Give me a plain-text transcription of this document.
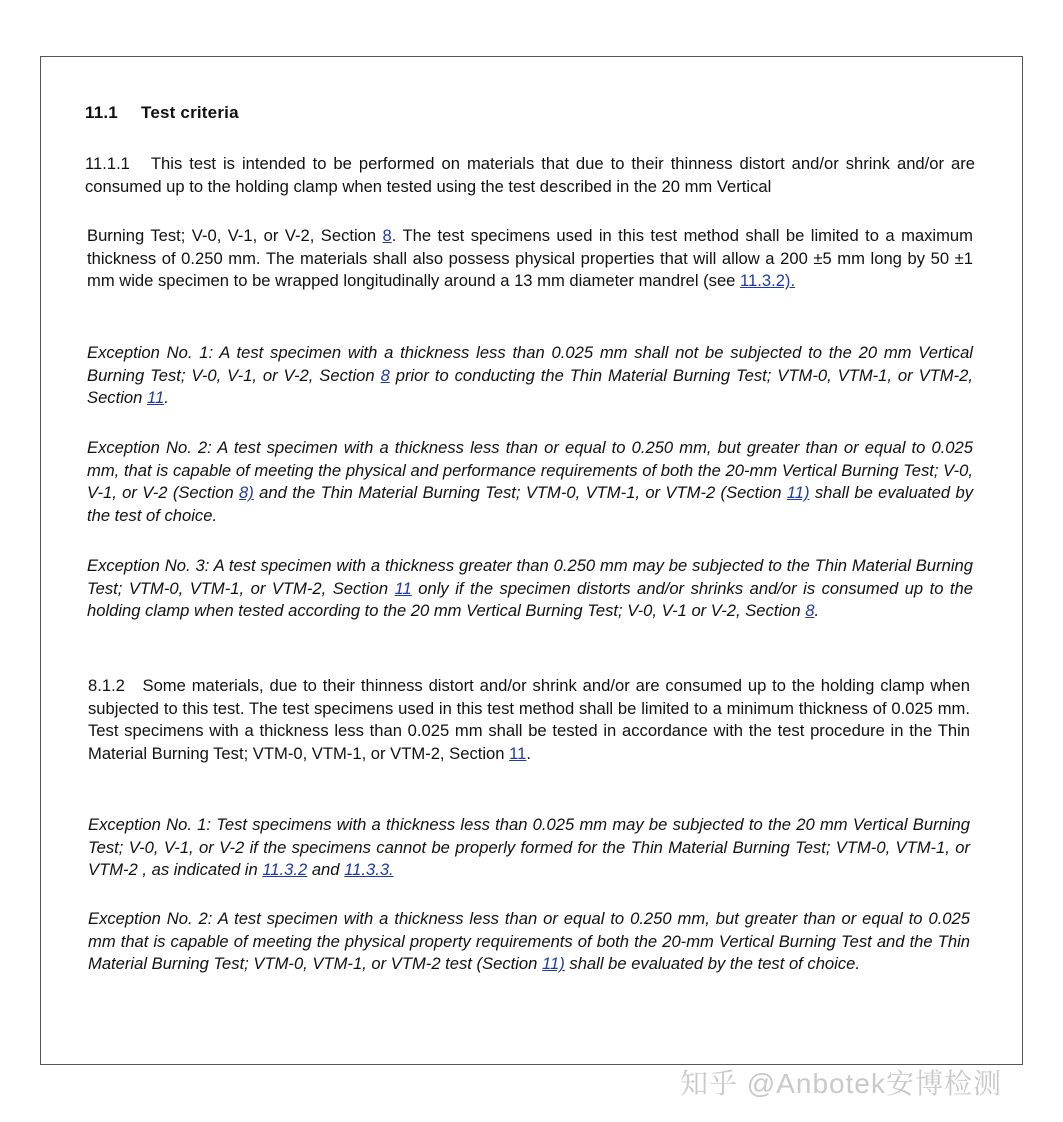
11.1 Test criteria

11.1.1 This test is intended to be performed on materials that due to their thinness distort and/or shrink and/or are consumed up to the holding clamp when tested using the test described in the 20 mm Vertical

Burning Test; V-0, V-1, or V-2, Section 8. The test specimens used in this test method shall be limited to a maximum thickness of 0.250 mm. The materials shall also possess physical properties that will allow a 200 ±5 mm long by 50 ±1 mm wide specimen to be wrapped longitudinally around a 13 mm diameter mandrel (see 11.3.2).

Exception No. 1: A test specimen with a thickness less than 0.025 mm shall not be subjected to the 20 mm Vertical Burning Test; V-0, V-1, or V-2, Section 8 prior to conducting the Thin Material Burning Test; VTM-0, VTM-1, or VTM-2, Section 11.

Exception No. 2: A test specimen with a thickness less than or equal to 0.250 mm, but greater than or equal to 0.025 mm, that is capable of meeting the physical and performance requirements of both the 20-mm Vertical Burning Test; V-0, V-1, or V-2 (Section 8) and the Thin Material Burning Test; VTM-0, VTM-1, or VTM-2 (Section 11) shall be evaluated by the test of choice.

Exception No. 3: A test specimen with a thickness greater than 0.250 mm may be subjected to the Thin Material Burning Test; VTM-0, VTM-1, or VTM-2, Section 11 only if the specimen distorts and/or shrinks and/or is consumed up to the holding clamp when tested according to the 20 mm Vertical Burning Test; V-0, V-1 or V-2, Section 8.

8.1.2 Some materials, due to their thinness distort and/or shrink and/or are consumed up to the holding clamp when subjected to this test. The test specimens used in this test method shall be limited to a minimum thickness of 0.025 mm. Test specimens with a thickness less than 0.025 mm shall be tested in accordance with the test procedure in the Thin Material Burning Test; VTM-0, VTM-1, or VTM-2, Section 11.

Exception No. 1: Test specimens with a thickness less than 0.025 mm may be subjected to the 20 mm Vertical Burning Test; V-0, V-1, or V-2 if the specimens cannot be properly formed for the Thin Material Burning Test; VTM-0, VTM-1, or VTM-2 , as indicated in 11.3.2 and 11.3.3.

Exception No. 2: A test specimen with a thickness less than or equal to 0.250 mm, but greater than or equal to 0.025 mm that is capable of meeting the physical property requirements of both the 20-mm Vertical Burning Test and the Thin Material Burning Test; VTM-0, VTM-1, or VTM-2 test (Section 11) shall be evaluated by the test of choice.

知乎 @Anbotek安博检测
